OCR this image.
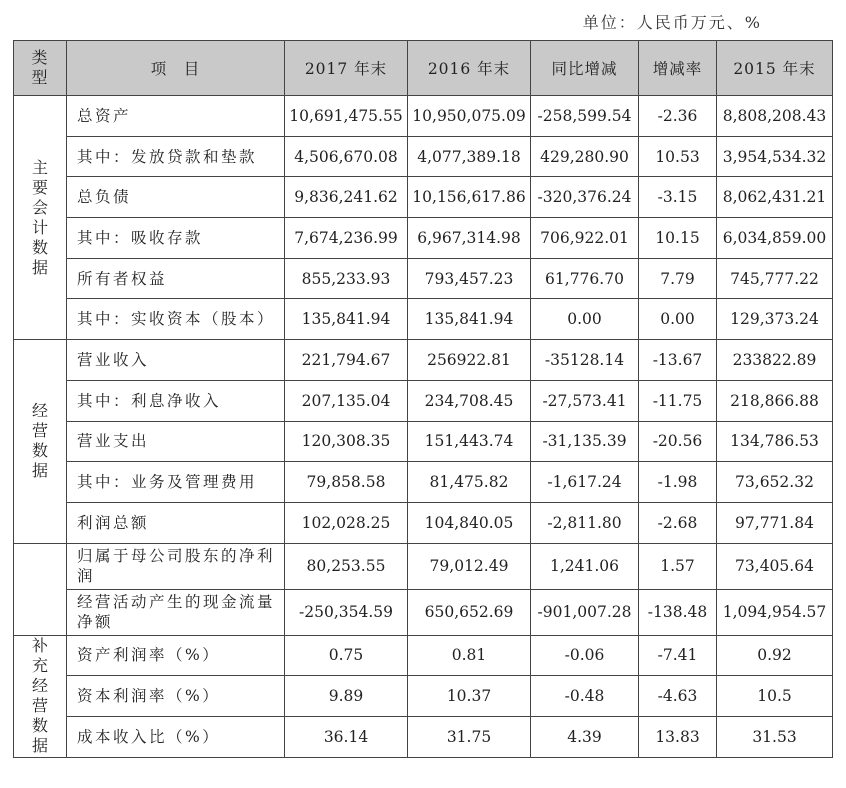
单位：人民币万元、%
类型	项　目	2017 年末	2016 年末	同比增减	增减率	2015 年末
主要会计数据	总资产	10,691,475.55	10,950,075.09	-258,599.54	-2.36	8,808,208.43
	其中：发放贷款和垫款	4,506,670.08	4,077,389.18	429,280.90	10.53	3,954,534.32
	总负债	9,836,241.62	10,156,617.86	-320,376.24	-3.15	8,062,431.21
	其中：吸收存款	7,674,236.99	6,967,314.98	706,922.01	10.15	6,034,859.00
	所有者权益	855,233.93	793,457.23	61,776.70	7.79	745,777.22
	其中：实收资本（股本）	135,841.94	135,841.94	0.00	0.00	129,373.24
经营数据	营业收入	221,794.67	256922.81	-35128.14	-13.67	233822.89
	其中：利息净收入	207,135.04	234,708.45	-27,573.41	-11.75	218,866.88
	营业支出	120,308.35	151,443.74	-31,135.39	-20.56	134,786.53
	其中：业务及管理费用	79,858.58	81,475.82	-1,617.24	-1.98	73,652.32
	利润总额	102,028.25	104,840.05	-2,811.80	-2.68	97,771.84
	归属于母公司股东的净利润	80,253.55	79,012.49	1,241.06	1.57	73,405.64
	经营活动产生的现金流量净额	-250,354.59	650,652.69	-901,007.28	-138.48	1,094,954.57
补充经营数据	资产利润率（%）	0.75	0.81	-0.06	-7.41	0.92
	资本利润率（%）	9.89	10.37	-0.48	-4.63	10.5
	成本收入比（%）	36.14	31.75	4.39	13.83	31.53
